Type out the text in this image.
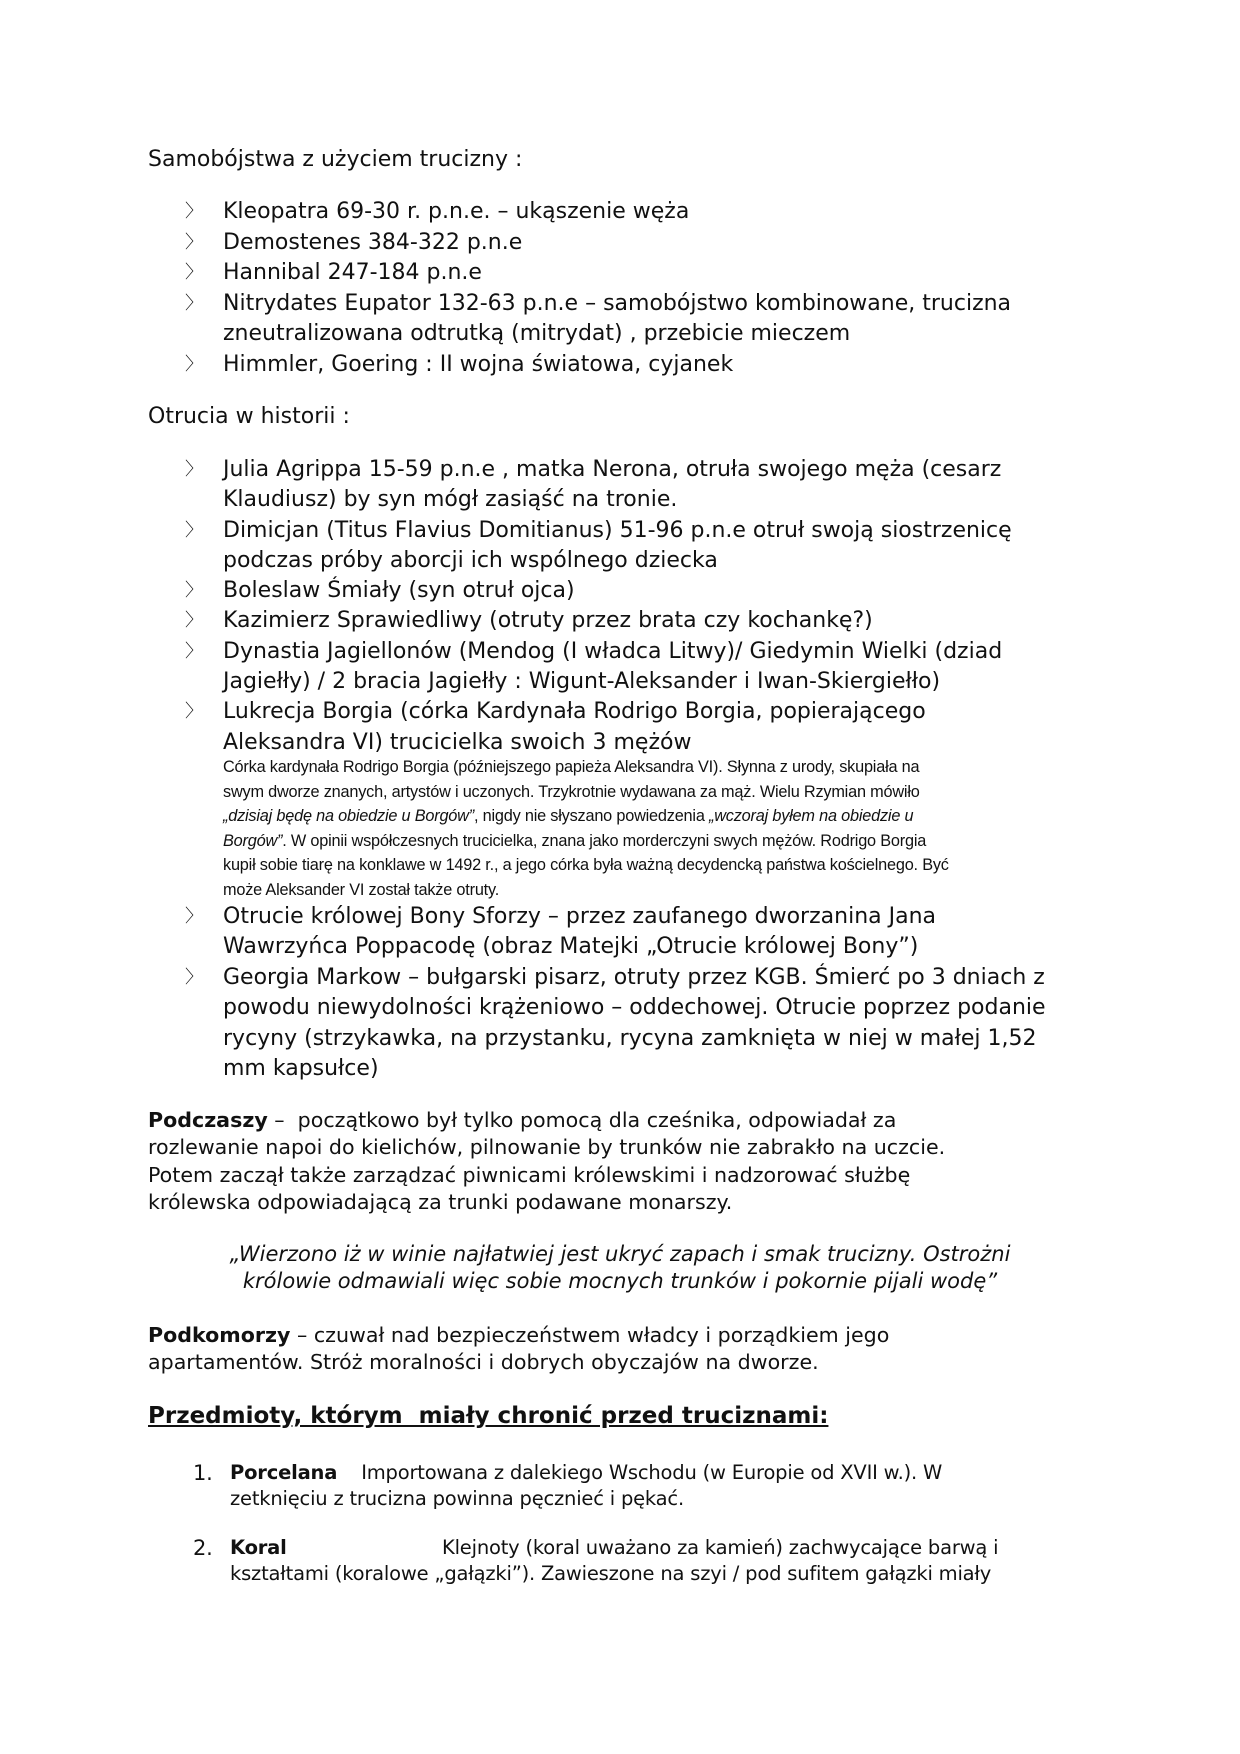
Samobójstwa z użyciem trucizny :
〉
Kleopatra 69-30 r. p.n.e. – ukąszenie węża
〉
Demostenes 384-322 p.n.e
〉
Hannibal 247-184 p.n.e
〉
Nitrydates Eupator 132-63 p.n.e – samobójstwo kombinowane, trucizna
zneutralizowana odtrutką (mitrydat) , przebicie mieczem
〉
Himmler, Goering : II wojna światowa, cyjanek
Otrucia w historii :
〉
Julia Agrippa 15-59 p.n.e , matka Nerona, otruła swojego męża (cesarz
Klaudiusz) by syn mógł zasiąść na tronie.
〉
Dimicjan (Titus Flavius Domitianus) 51-96 p.n.e otruł swoją siostrzenicę
podczas próby aborcji ich wspólnego dziecka
〉
Boleslaw Śmiały (syn otruł ojca)
〉
Kazimierz Sprawiedliwy (otruty przez brata czy kochankę?)
〉
Dynastia Jagiellonów (Mendog (I władca Litwy)/ Giedymin Wielki (dziad
Jagiełły) / 2 bracia Jagiełły : Wigunt-Aleksander i Iwan-Skiergiełło)
〉
Lukrecja Borgia (córka Kardynała Rodrigo Borgia, popierającego
Aleksandra VI) trucicielka swoich 3 mężów
Córka kardynała Rodrigo Borgia (późniejszego papieża Aleksandra VI). Słynna z urody, skupiała na
swym dworze znanych, artystów i uczonych. Trzykrotnie wydawana za mąż. Wielu Rzymian mówiło
„dzisiaj będę na obiedzie u Borgów”, nigdy nie słyszano powiedzenia „wczoraj byłem na obiedzie u
Borgów”. W opinii współczesnych trucicielka, znana jako morderczyni swych mężów. Rodrigo Borgia
kupił sobie tiarę na konklawe w 1492 r., a jego córka była ważną decydencką państwa kościelnego. Być
może Aleksander VI został także otruty.
〉
Otrucie królowej Bony Sforzy – przez zaufanego dworzanina Jana
Wawrzyńca Poppacodę (obraz Matejki „Otrucie królowej Bony”)
〉
Georgia Markow – bułgarski pisarz, otruty przez KGB. Śmierć po 3 dniach z
powodu niewydolności krążeniowo – oddechowej. Otrucie poprzez podanie
rycyny (strzykawka, na przystanku, rycyna zamknięta w niej w małej 1,52
mm kapsułce)
Podczaszy –  początkowo był tylko pomocą dla cześnika, odpowiadał za
rozlewanie napoi do kielichów, pilnowanie by trunków nie zabrakło na uczcie.
Potem zaczął także zarządzać piwnicami królewskimi i nadzorować służbę
królewska odpowiadającą za trunki podawane monarszy.
„Wierzono iż w winie najłatwiej jest ukryć zapach i smak trucizny. Ostrożni
królowie odmawiali więc sobie mocnych trunków i pokornie pijali wodę”
Podkomorzy – czuwał nad bezpieczeństwem władcy i porządkiem jego
apartamentów. Stróż moralności i dobrych obyczajów na dworze.
Przedmioty, którym  miały chronić przed truciznami:
1. Porcelana Importowana z dalekiego Wschodu (w Europie od XVII w.). W
zetknięciu z trucizna powinna pęcznieć i pękać.
2. Koral	Klejnoty (koral uważano za kamień) zachwycające barwą i
kształtami (koralowe „gałązki”). Zawieszone na szyi / pod sufitem gałązki miały
